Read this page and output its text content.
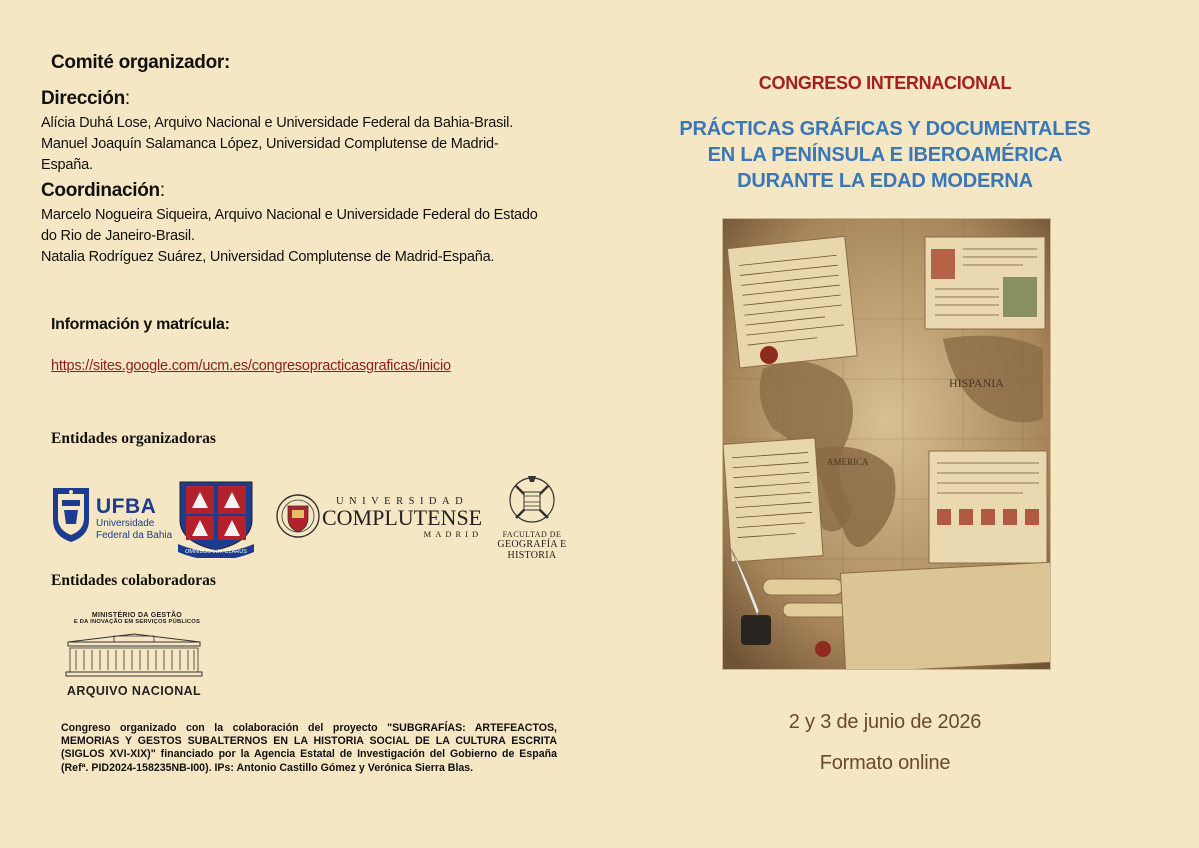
Comité organizador:
Dirección:
Alícia Duhá Lose, Arquivo Nacional e Universidade Federal da Bahia-Brasil.
Manuel Joaquín Salamanca López, Universidad Complutense de Madrid-
España.
Coordinación:
Marcelo Nogueira Siqueira, Arquivo Nacional e Universidade Federal do Estado
do Rio de Janeiro-Brasil.
Natalia Rodríguez Suárez, Universidad Complutense de Madrid-España.
Información y matrícula:
https://sites.google.com/ucm.es/congresopracticasgraficas/inicio
Entidades organizadoras
UFBA
Universidade
Federal da Bahia
OMNIBUS LUX CLARUS
UNIVERSIDAD
COMPLUTENSE
MADRID	FACULTAD DE
GEOGRAFÍA E HISTORIA
Entidades colaboradoras
MINISTÉRIO DA GESTÃO
E DA INOVAÇÃO EM SERVIÇOS PÚBLICOS
ARQUIVO NACIONAL
Congreso organizado con la colaboración del proyecto "SUBGRAFÍAS: ARTEFEACTOS, MEMORIAS Y GESTOS SUBALTERNOS EN LA HISTORIA SOCIAL DE LA CULTURA ESCRITA (SIGLOS XVI-XIX)" financiado por la Agencia Estatal de Investigación del Gobierno de España (Refª. PID2024-158235NB-I00). IPs: Antonio Castillo Gómez y Verónica Sierra Blas.
CONGRESO INTERNACIONAL
PRÁCTICAS GRÁFICAS Y DOCUMENTALES
EN LA PENÍNSULA E IBEROAMÉRICA
DURANTE LA EDAD MODERNA
HISPANIA
AMERICA
2 y 3 de junio de 2026
Formato online
